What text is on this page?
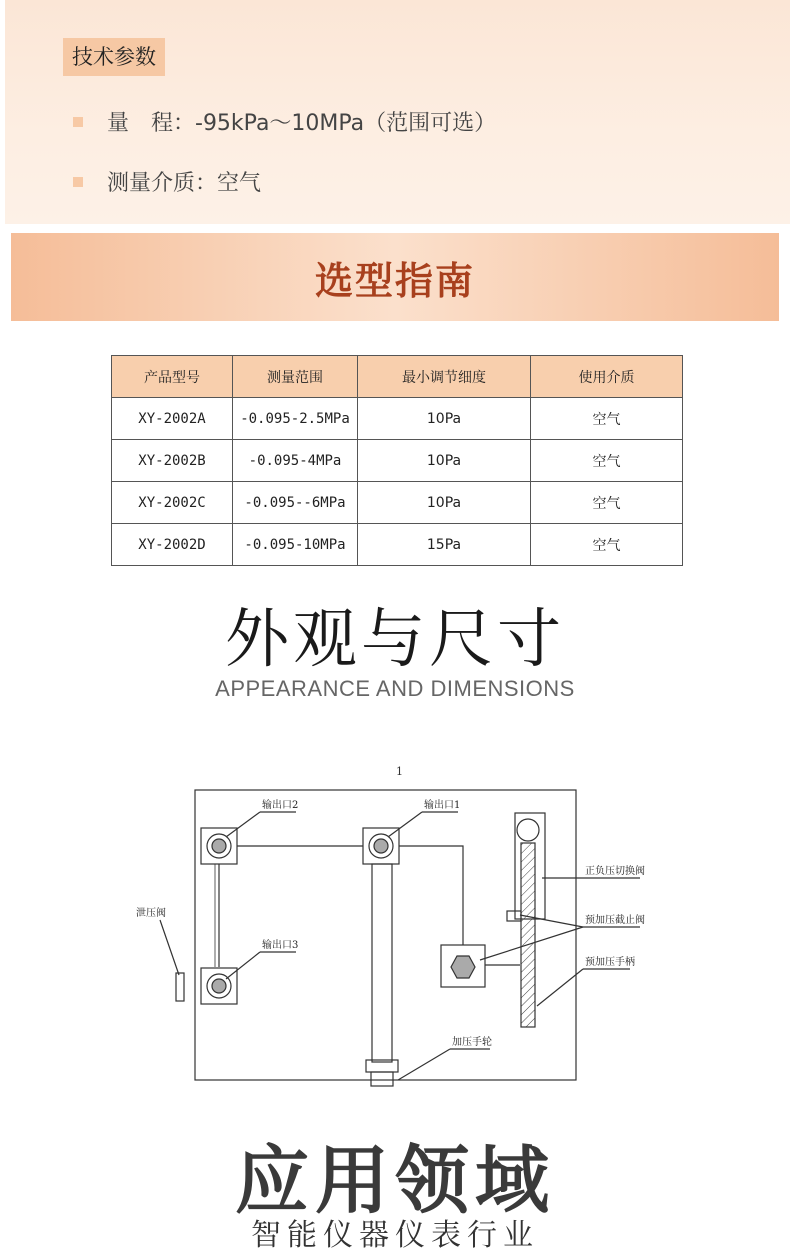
技术参数
量　程：-95kPa～10MPa（范围可选）
测量介质：空气
选型指南
产品型号	测量范围	最小调节细度	使用介质
XY-2002A	-0.095-2.5MPa	10Pa	空气
XY-2002B	-0.095-4MPa	10Pa	空气
XY-2002C	-0.095--6MPa	10Pa	空气
XY-2002D	-0.095-10MPa	15Pa	空气
外观与尺寸
APPEARANCE AND DIMENSIONS
1
输出口2	输出口1
输出口3
泄压阀
正负压切换阀
预加压截止阀
预加压手柄
加压手轮
应用领域
智能仪器仪表行业
